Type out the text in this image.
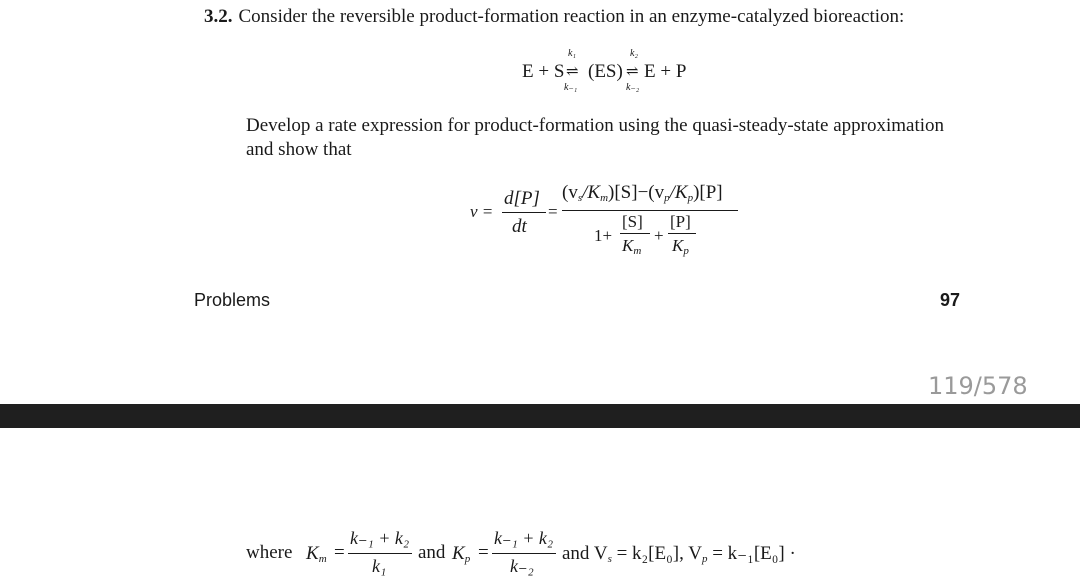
3.2. Consider the reversible product-formation reaction in an enzyme-catalyzed bioreaction:
E + S
k₁
⇌
k₋₁
(ES)
k₂
⇌
k₋₂
E + P
Develop a rate expression for product-formation using the quasi-steady-state approximation
and show that
v =
d[P]
dt
=
$(v_s/K_m)[S]-(v_p/K_p)[P]$
1+
[S]
$K_m$
+
[P]
$K_p$
Problems	97
119/578
where $K_m$ =
k₋₁ + k₂
k₁
and $K_p$ =
k₋₁ + k₂
k₋₂
and $V_s = k_2[E_0]$, $V_p = k_{-1}[E_0]$ ·
